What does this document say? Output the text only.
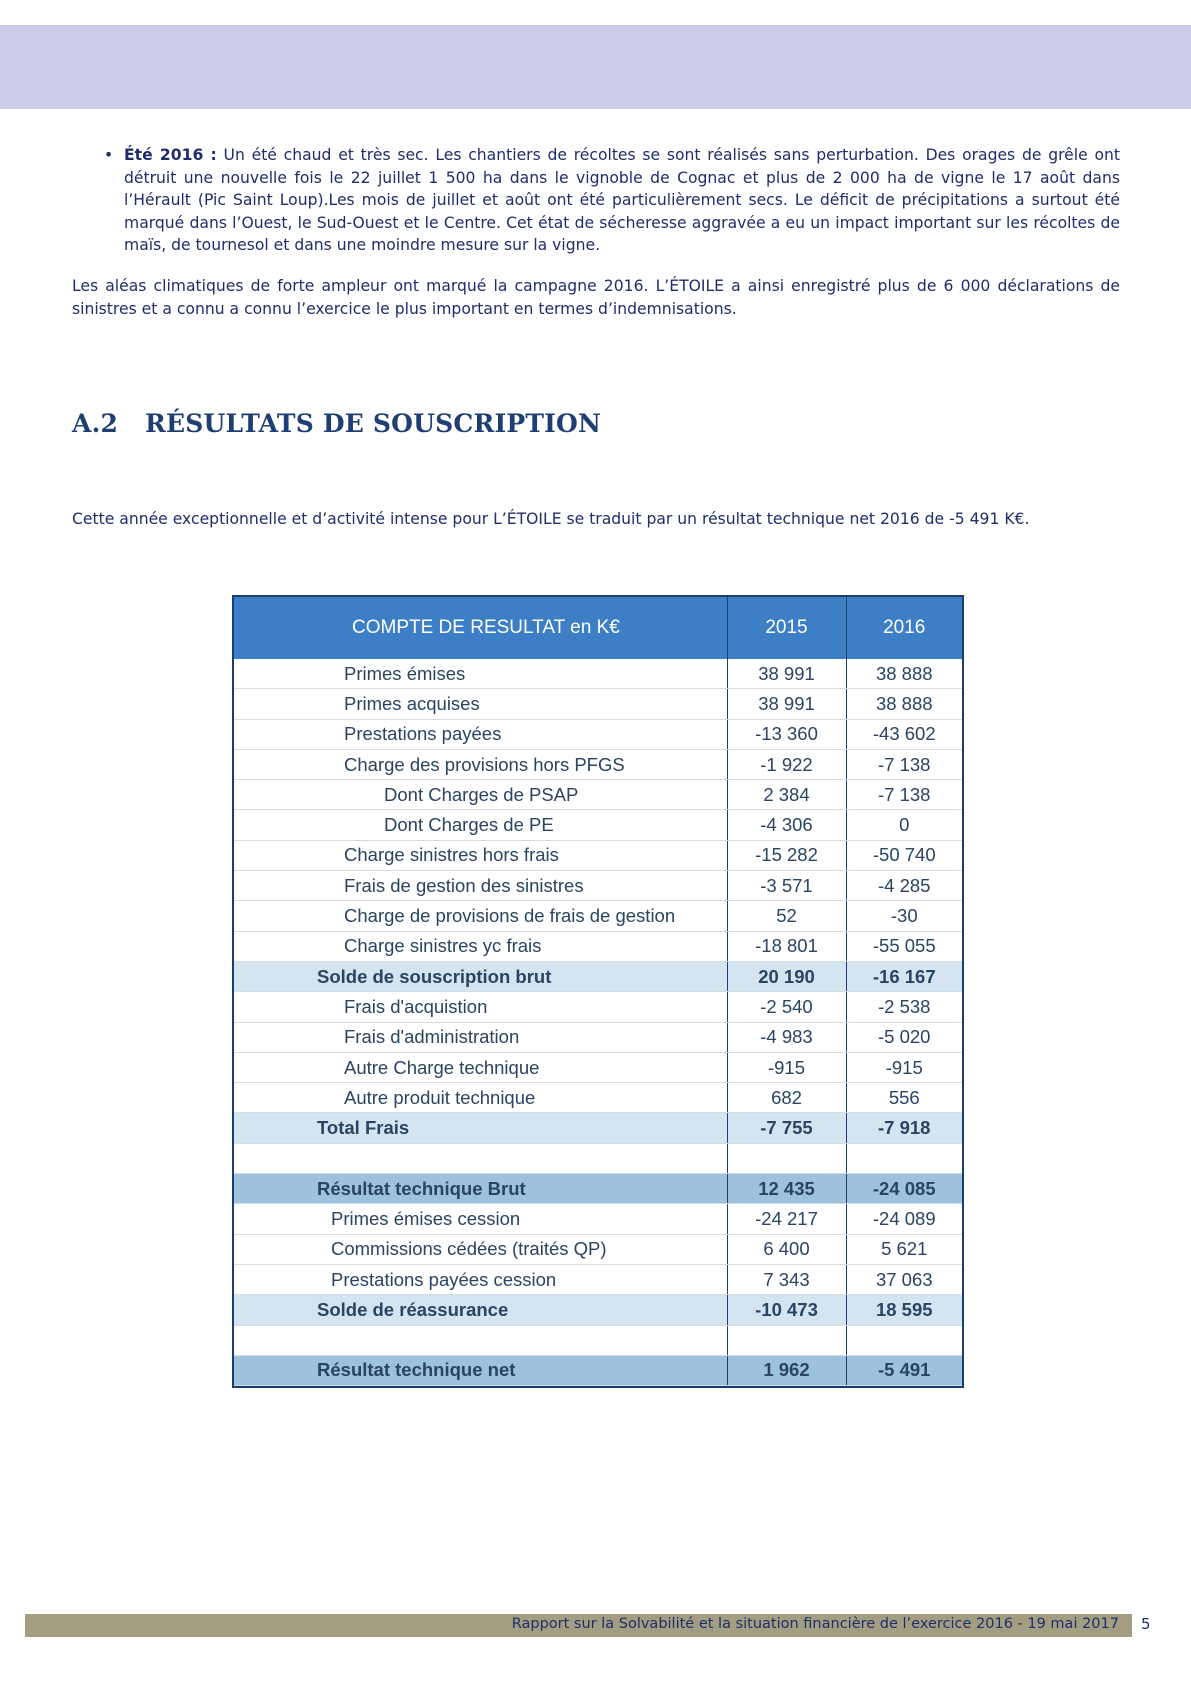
• Été 2016 : Un été chaud et très sec. Les chantiers de récoltes se sont réalisés sans perturbation. Des orages de grêle ont détruit une nouvelle fois le 22 juillet 1 500 ha dans le vignoble de Cognac et plus de 2 000 ha de vigne le 17 août dans l’Hérault (Pic Saint Loup).Les mois de juillet et août ont été particulièrement secs. Le déficit de précipitations a surtout été marqué dans l’Ouest, le Sud-Ouest et le Centre. Cet état de sécheresse aggravée a eu un impact important sur les récoltes de maïs, de tournesol et dans une moindre mesure sur la vigne.
Les aléas climatiques de forte ampleur ont marqué la campagne 2016. L’ÉTOILE a ainsi enregistré plus de 6 000 déclarations de sinistres et a connu a connu l’exercice le plus important en termes d’indemnisations.
A.2 RÉSULTATS DE SOUSCRIPTION
Cette année exceptionnelle et d’activité intense pour L’ÉTOILE se traduit par un résultat technique net 2016 de -5 491 K€.
COMPTE DE RESULTAT en K€	2015	2016
Primes émises	38 991	38 888
Primes acquises	38 991	38 888
Prestations payées	-13 360	-43 602
Charge des provisions hors PFGS	-1 922	-7 138
Dont Charges de PSAP	2 384	-7 138
Dont Charges de PE	-4 306	0
Charge sinistres hors frais	-15 282	-50 740
Frais de gestion des sinistres	-3 571	-4 285
Charge de provisions de frais de gestion	52	-30
Charge sinistres yc frais	-18 801	-55 055
Solde de souscription brut	20 190	-16 167
Frais d'acquistion	-2 540	-2 538
Frais d'administration	-4 983	-5 020
Autre Charge technique	-915	-915
Autre produit technique	682	556
Total Frais	-7 755	-7 918

Résultat technique Brut	12 435	-24 085
Primes émises cession	-24 217	-24 089
Commissions cédées (traités QP)	6 400	5 621
Prestations payées cession	7 343	37 063
Solde de réassurance	-10 473	18 595

Résultat technique net	1 962	-5 491
Rapport sur la Solvabilité et la situation financière de l’exercice 2016 - 19 mai 2017 5
